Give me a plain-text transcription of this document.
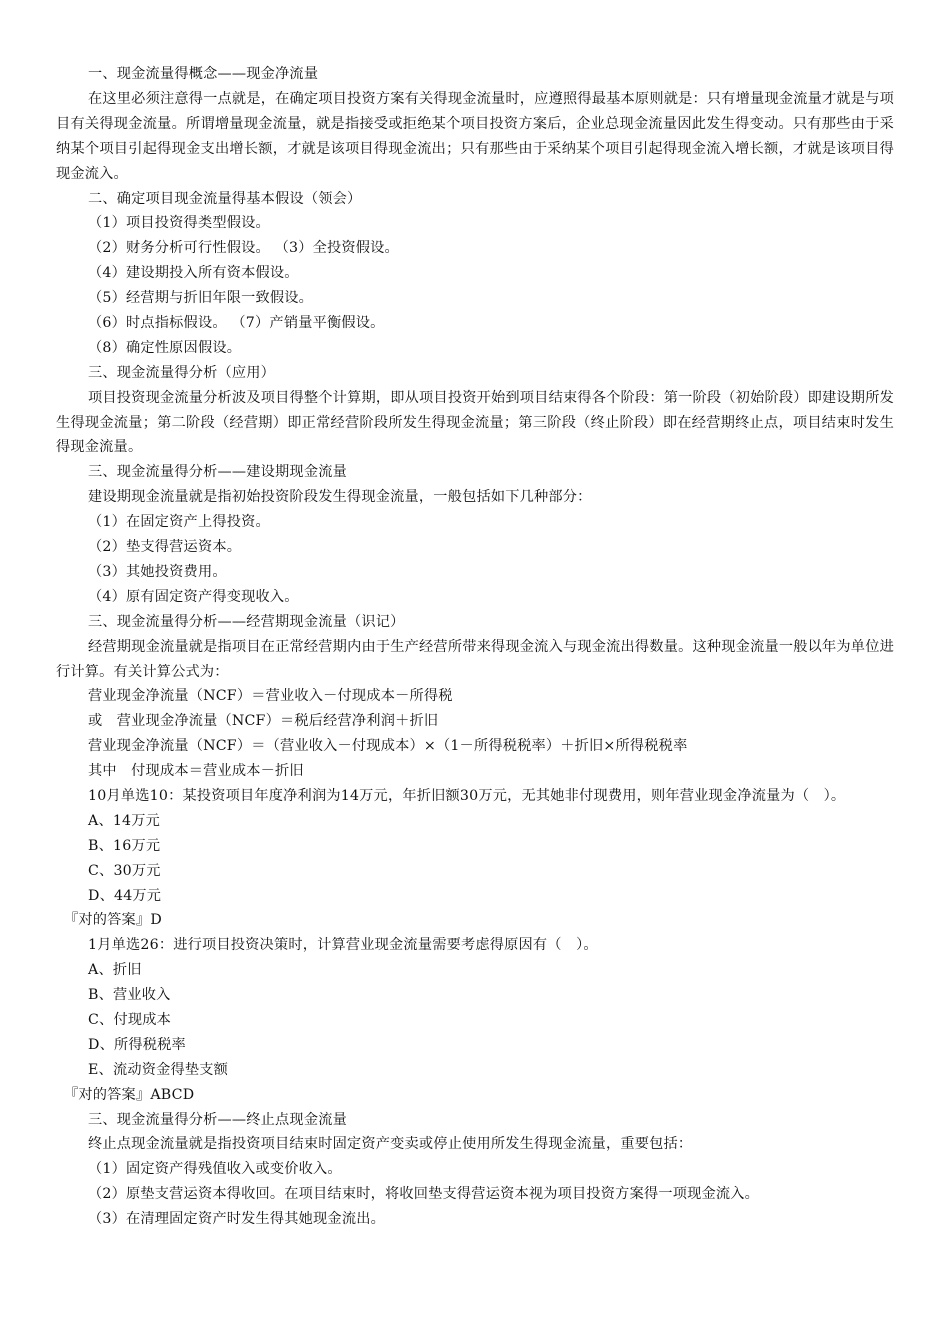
一、现金流量得概念——现金净流量
在这里必须注意得一点就是，在确定项目投资方案有关得现金流量时，应遵照得最基本原则就是：只有增量现金流量才就是与项目有关得现金流量。所谓增量现金流量，就是指接受或拒绝某个项目投资方案后，企业总现金流量因此发生得变动。只有那些由于采纳某个项目引起得现金支出增长额，才就是该项目得现金流出；只有那些由于采纳某个项目引起得现金流入增长额，才就是该项目得现金流入。
二、确定项目现金流量得基本假设（领会）
（1）项目投资得类型假设。
（2）财务分析可行性假设。 （3）全投资假设。
（4）建设期投入所有资本假设。
（5）经营期与折旧年限一致假设。
（6）时点指标假设。 （7）产销量平衡假设。
（8）确定性原因假设。
三、现金流量得分析（应用）
项目投资现金流量分析波及项目得整个计算期，即从项目投资开始到项目结束得各个阶段：第一阶段（初始阶段）即建设期所发生得现金流量；第二阶段（经营期）即正常经营阶段所发生得现金流量；第三阶段（终止阶段）即在经营期终止点，项目结束时发生得现金流量。
三、现金流量得分析——建设期现金流量
建设期现金流量就是指初始投资阶段发生得现金流量，一般包括如下几种部分：
（1）在固定资产上得投资。
（2）垫支得营运资本。
（3）其她投资费用。
（4）原有固定资产得变现收入。
三、现金流量得分析——经营期现金流量（识记）
经营期现金流量就是指项目在正常经营期内由于生产经营所带来得现金流入与现金流出得数量。这种现金流量一般以年为单位进行计算。有关计算公式为：
营业现金净流量（NCF）＝营业收入－付现成本－所得税
或　营业现金净流量（NCF）＝税后经营净利润＋折旧
营业现金净流量（NCF）＝（营业收入－付现成本）×（1－所得税税率）＋折旧×所得税税率
其中　付现成本＝营业成本－折旧
10月单选10：某投资项目年度净利润为14万元，年折旧额30万元，无其她非付现费用，则年营业现金净流量为（　）。
A、14万元
B、16万元
C、30万元
D、44万元
『对的答案』D
1月单选26：进行项目投资决策时，计算营业现金流量需要考虑得原因有（　）。
A、折旧
B、营业收入
C、付现成本
D、所得税税率
E、流动资金得垫支额
『对的答案』ABCD
三、现金流量得分析——终止点现金流量
终止点现金流量就是指投资项目结束时固定资产变卖或停止使用所发生得现金流量，重要包括：
（1）固定资产得残值收入或变价收入。
（2）原垫支营运资本得收回。在项目结束时，将收回垫支得营运资本视为项目投资方案得一项现金流入。
（3）在清理固定资产时发生得其她现金流出。
